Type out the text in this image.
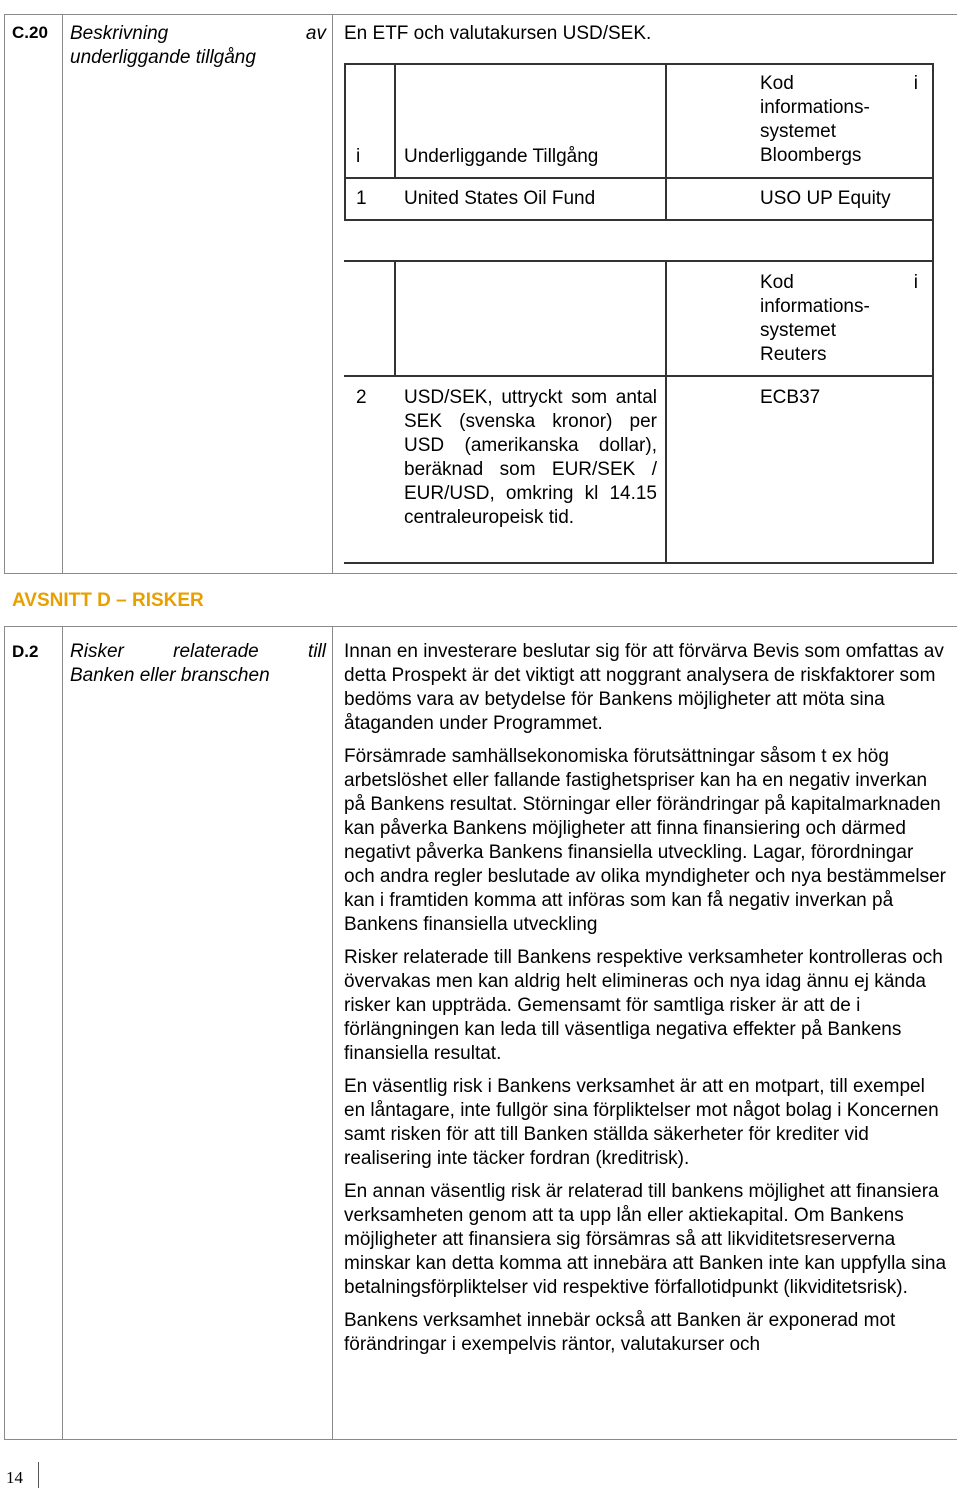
C.20 Beskrivning	av
underliggande tillgång
En ETF och valutakursen USD/SEK.
i Underliggande Tillgång
Kod	i
informations-
systemet
Bloombergs
1 United States Oil Fund	USO UP Equity
Kod	i
informations-
systemet
Reuters
2 USD/SEK, uttryckt som antal SEK (svenska kronor) per USD (amerikanska dollar), beräknad som EUR/SEK / EUR/USD, omkring kl 14.15 centraleuropeisk tid.
ECB37
AVSNITT D – RISKER
D.2 Risker relaterade till
Banken eller branschen

Innan en investerare beslutar sig för att förvärva Bevis som omfattas av detta Prospekt är det viktigt att noggrant analysera de riskfaktorer som bedöms vara av betydelse för Bankens möjligheter att möta sina åtaganden under Programmet.

Försämrade samhällsekonomiska förutsättningar såsom t ex hög arbetslöshet eller fallande fastighetspriser kan ha en negativ inverkan på Bankens resultat. Störningar eller förändringar på kapitalmarknaden kan påverka Bankens möjligheter att finna finansiering och därmed negativt påverka Bankens finansiella utveckling. Lagar, förordningar och andra regler beslutade av olika myndigheter och nya bestämmelser kan i framtiden komma att införas som kan få negativ inverkan på Bankens finansiella utveckling

Risker relaterade till Bankens respektive verksamheter kontrolleras och övervakas men kan aldrig helt elimineras och nya idag ännu ej kända risker kan uppträda. Gemensamt för samtliga risker är att de i förlängningen kan leda till väsentliga negativa effekter på Bankens finansiella resultat.

En väsentlig risk i Bankens verksamhet är att en motpart, till exempel en låntagare, inte fullgör sina förpliktelser mot något bolag i Koncernen samt risken för att till Banken ställda säkerheter för krediter vid realisering inte täcker fordran (kreditrisk).

En annan väsentlig risk är relaterad till bankens möjlighet att finansiera verksamheten genom att ta upp lån eller aktiekapital. Om Bankens möjligheter att finansiera sig försämras så att likviditetsreserverna minskar kan detta komma att innebära att Banken inte kan uppfylla sina betalningsförpliktelser vid respektive förfallotidpunkt (likviditetsrisk).

Bankens verksamhet innebär också att Banken är exponerad mot förändringar i exempelvis räntor, valutakurser och

14
